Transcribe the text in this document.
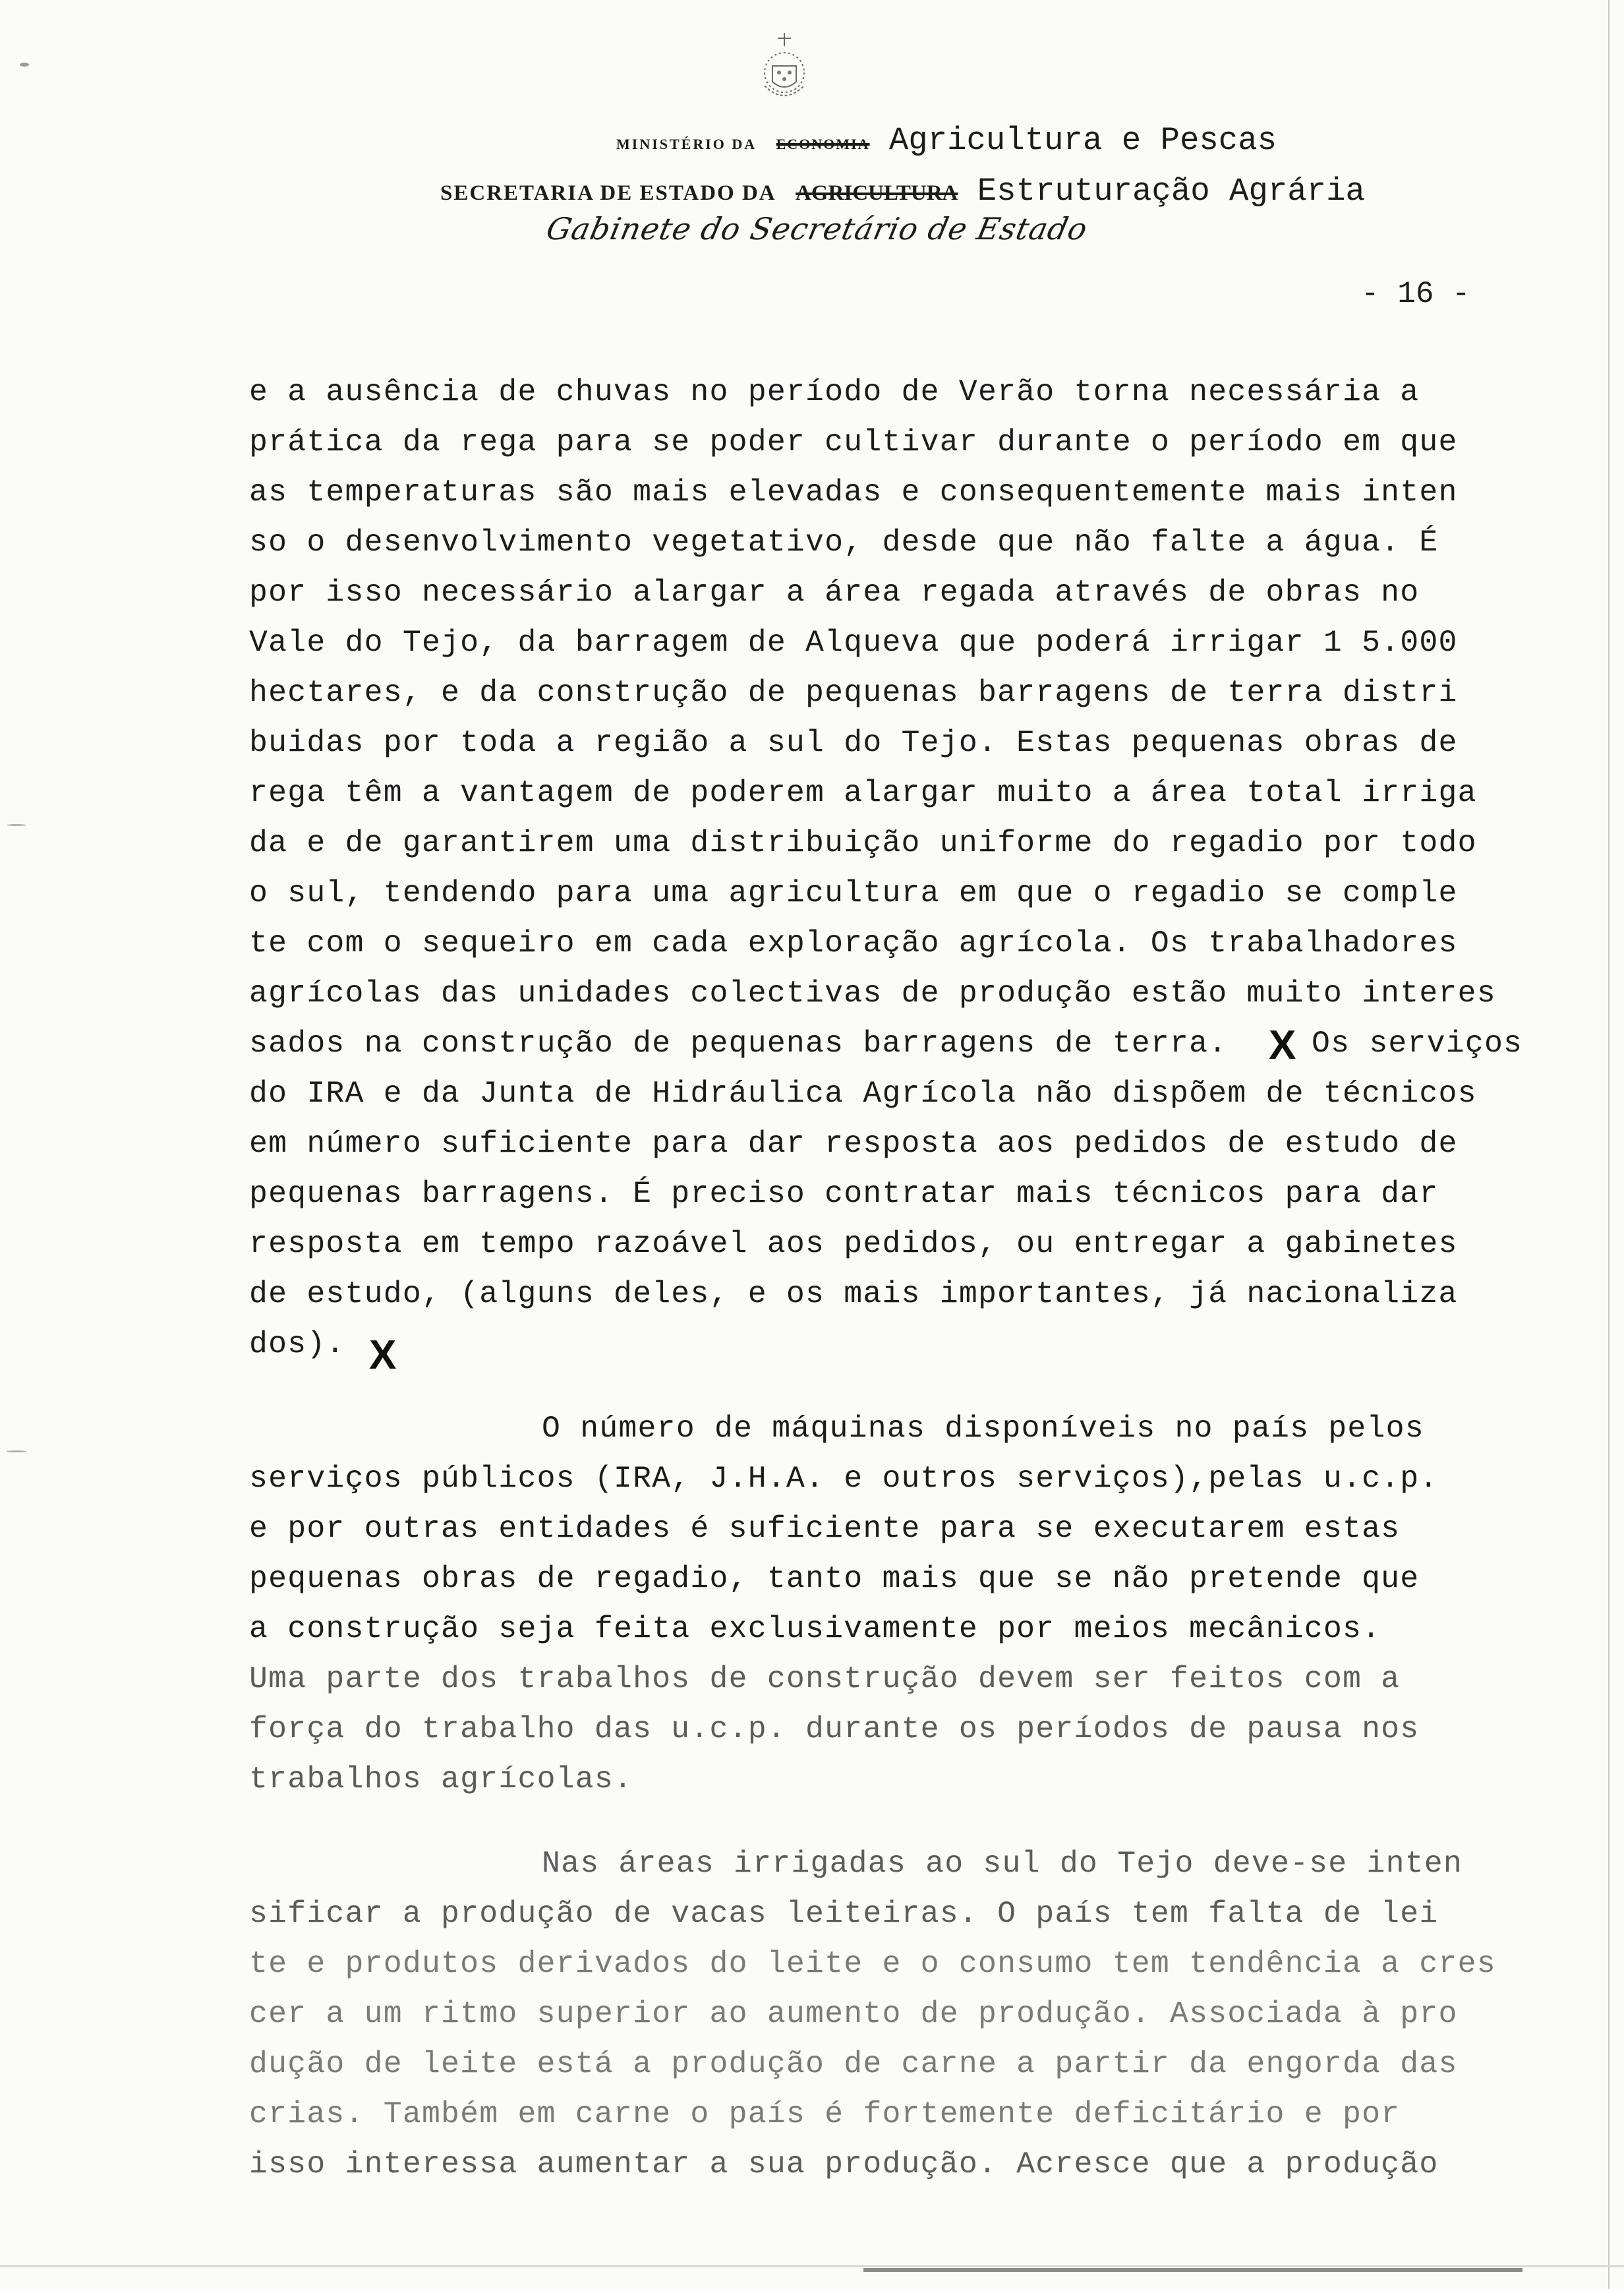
MINISTÉRIO DA ECONOMIA Agricultura e Pescas
SECRETARIA DE ESTADO DA AGRICULTURA Estruturação Agrária
Gabinete do Secretário de Estado
- 16 -
e a ausência de chuvas no período de Verão torna necessária a
prática da rega para se poder cultivar durante o período em que
as temperaturas são mais elevadas e consequentemente mais inten
so o desenvolvimento vegetativo, desde que não falte a água. É
por isso necessário alargar a área regada através de obras no
Vale do Tejo, da barragem de Alqueva que poderá irrigar 1 5.000
hectares, e da construção de pequenas barragens de terra distri
buidas por toda a região a sul do Tejo. Estas pequenas obras de
rega têm a vantagem de poderem alargar muito a área total irriga
da e de garantirem uma distribuição uniforme do regadio por todo
o sul, tendendo para uma agricultura em que o regadio se comple
te com o sequeiro em cada exploração agrícola. Os trabalhadores
agrícolas das unidades colectivas de produção estão muito interes
sados na construção de pequenas barragens de terra. X Os serviços
do IRA e da Junta de Hidráulica Agrícola não dispõem de técnicos
em número suficiente para dar resposta aos pedidos de estudo de
pequenas barragens. É preciso contratar mais técnicos para dar
resposta em tempo razoável aos pedidos, ou entregar a gabinetes
de estudo, (alguns deles, e os mais importantes, já nacionaliza
dos). X
O número de máquinas disponíveis no país pelos
serviços públicos (IRA, J.H.A. e outros serviços),pelas u.c.p.
e por outras entidades é suficiente para se executarem estas
pequenas obras de regadio, tanto mais que se não pretende que
a construção seja feita exclusivamente por meios mecânicos.
Uma parte dos trabalhos de construção devem ser feitos com a
força do trabalho das u.c.p. durante os períodos de pausa nos
trabalhos agrícolas.
Nas áreas irrigadas ao sul do Tejo deve-se inten
sificar a produção de vacas leiteiras. O país tem falta de lei
te e produtos derivados do leite e o consumo tem tendência a cres
cer a um ritmo superior ao aumento de produção. Associada à pro
dução de leite está a produção de carne a partir da engorda das
crias. Também em carne o país é fortemente deficitário e por
isso interessa aumentar a sua produção. Acresce que a produção
